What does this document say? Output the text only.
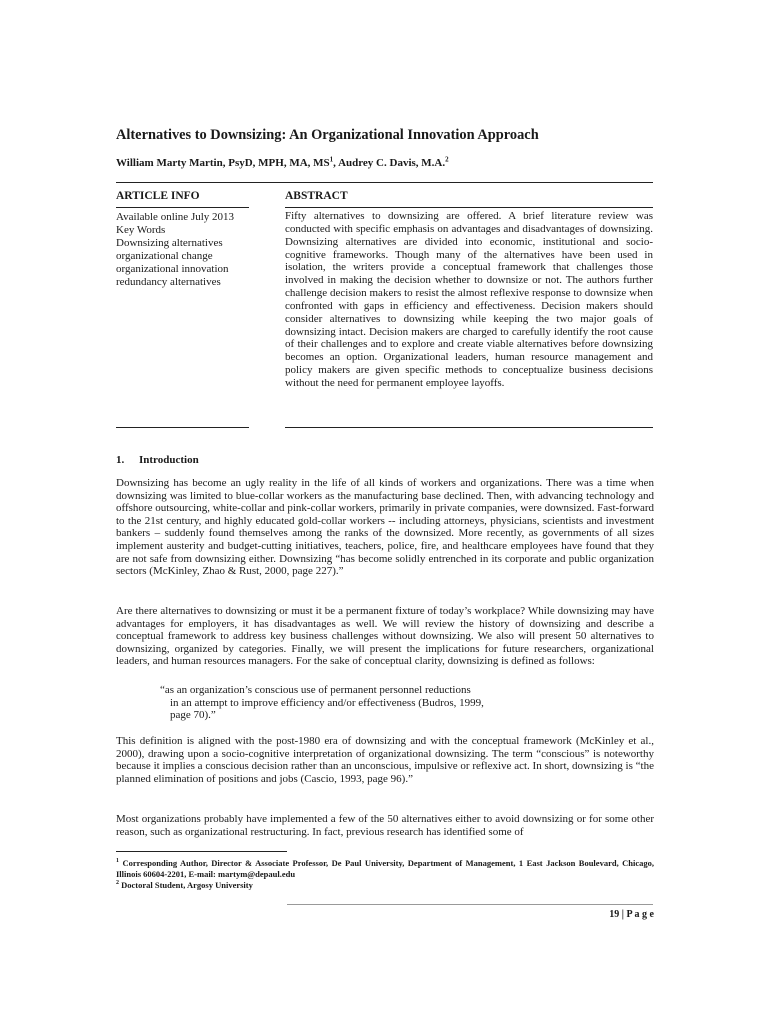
Alternatives to Downsizing: An Organizational Innovation Approach
William Marty Martin, PsyD, MPH, MA, $MS^1$, Audrey C. Davis, M.A.$^2$
ARTICLE INFO	ABSTRACT
Available online July 2013
Key Words
Downsizing alternatives
organizational change
organizational innovation
redundancy alternatives

Fifty alternatives to downsizing are offered. A brief literature review was conducted with specific emphasis on advantages and disadvantages of downsizing. Downsizing alternatives are divided into economic, institutional and socio-cognitive frameworks. Though many of the alternatives have been used in isolation, the writers provide a conceptual framework that challenges those involved in making the decision whether to downsize or not. The authors further challenge decision makers to resist the almost reflexive response to downsize when confronted with gaps in efficiency and effectiveness. Decision makers should consider alternatives to downsizing while keeping the two major goals of downsizing intact. Decision makers are charged to carefully identify the root cause of their challenges and to explore and create viable alternatives before downsizing becomes an option. Organizational leaders, human resource management and policy makers are given specific methods to conceptualize business decisions without the need for permanent employee layoffs.

1. Introduction

Downsizing has become an ugly reality in the life of all kinds of workers and organizations. There was a time when downsizing was limited to blue-collar workers as the manufacturing base declined. Then, with advancing technology and offshore outsourcing, white-collar and pink-collar workers, primarily in private companies, were downsized. Fast-forward to the 21st century, and highly educated gold-collar workers -- including attorneys, physicians, scientists and investment bankers – suddenly found themselves among the ranks of the downsized. More recently, as governments of all sizes implement austerity and budget-cutting initiatives, teachers, police, fire, and healthcare employees have found that they are not safe from downsizing either. Downsizing “has become solidly entrenched in its corporate and public organization sectors (McKinley, Zhao & Rust, 2000, page 227).”

Are there alternatives to downsizing or must it be a permanent fixture of today’s workplace? While downsizing may have advantages for employers, it has disadvantages as well. We will review the history of downsizing and describe a conceptual framework to address key business challenges without downsizing. We also will present 50 alternatives to downsizing, organized by categories. Finally, we will present the implications for future researchers, organizational leaders, and human resources managers. For the sake of conceptual clarity, downsizing is defined as follows:

“as an organization’s conscious use of permanent personnel reductions
in an attempt to improve efficiency and/or effectiveness (Budros, 1999,
page 70).”

This definition is aligned with the post-1980 era of downsizing and with the conceptual framework (McKinley et al., 2000), drawing upon a socio-cognitive interpretation of organizational downsizing. The term “conscious” is noteworthy because it implies a conscious decision rather than an unconscious, impulsive or reflexive act. In short, downsizing is “the planned elimination of positions and jobs (Cascio, 1993, page 96).”

Most organizations probably have implemented a few of the 50 alternatives either to avoid downsizing or for some other reason, such as organizational restructuring. In fact, previous research has identified some of

$^1$ Corresponding Author, Director & Associate Professor, De Paul University, Department of Management, 1 East Jackson Boulevard, Chicago, Illinois 60604-2201, E-mail: martym@depaul.edu
$^2$ Doctoral Student, Argosy University
19 | P a g e
